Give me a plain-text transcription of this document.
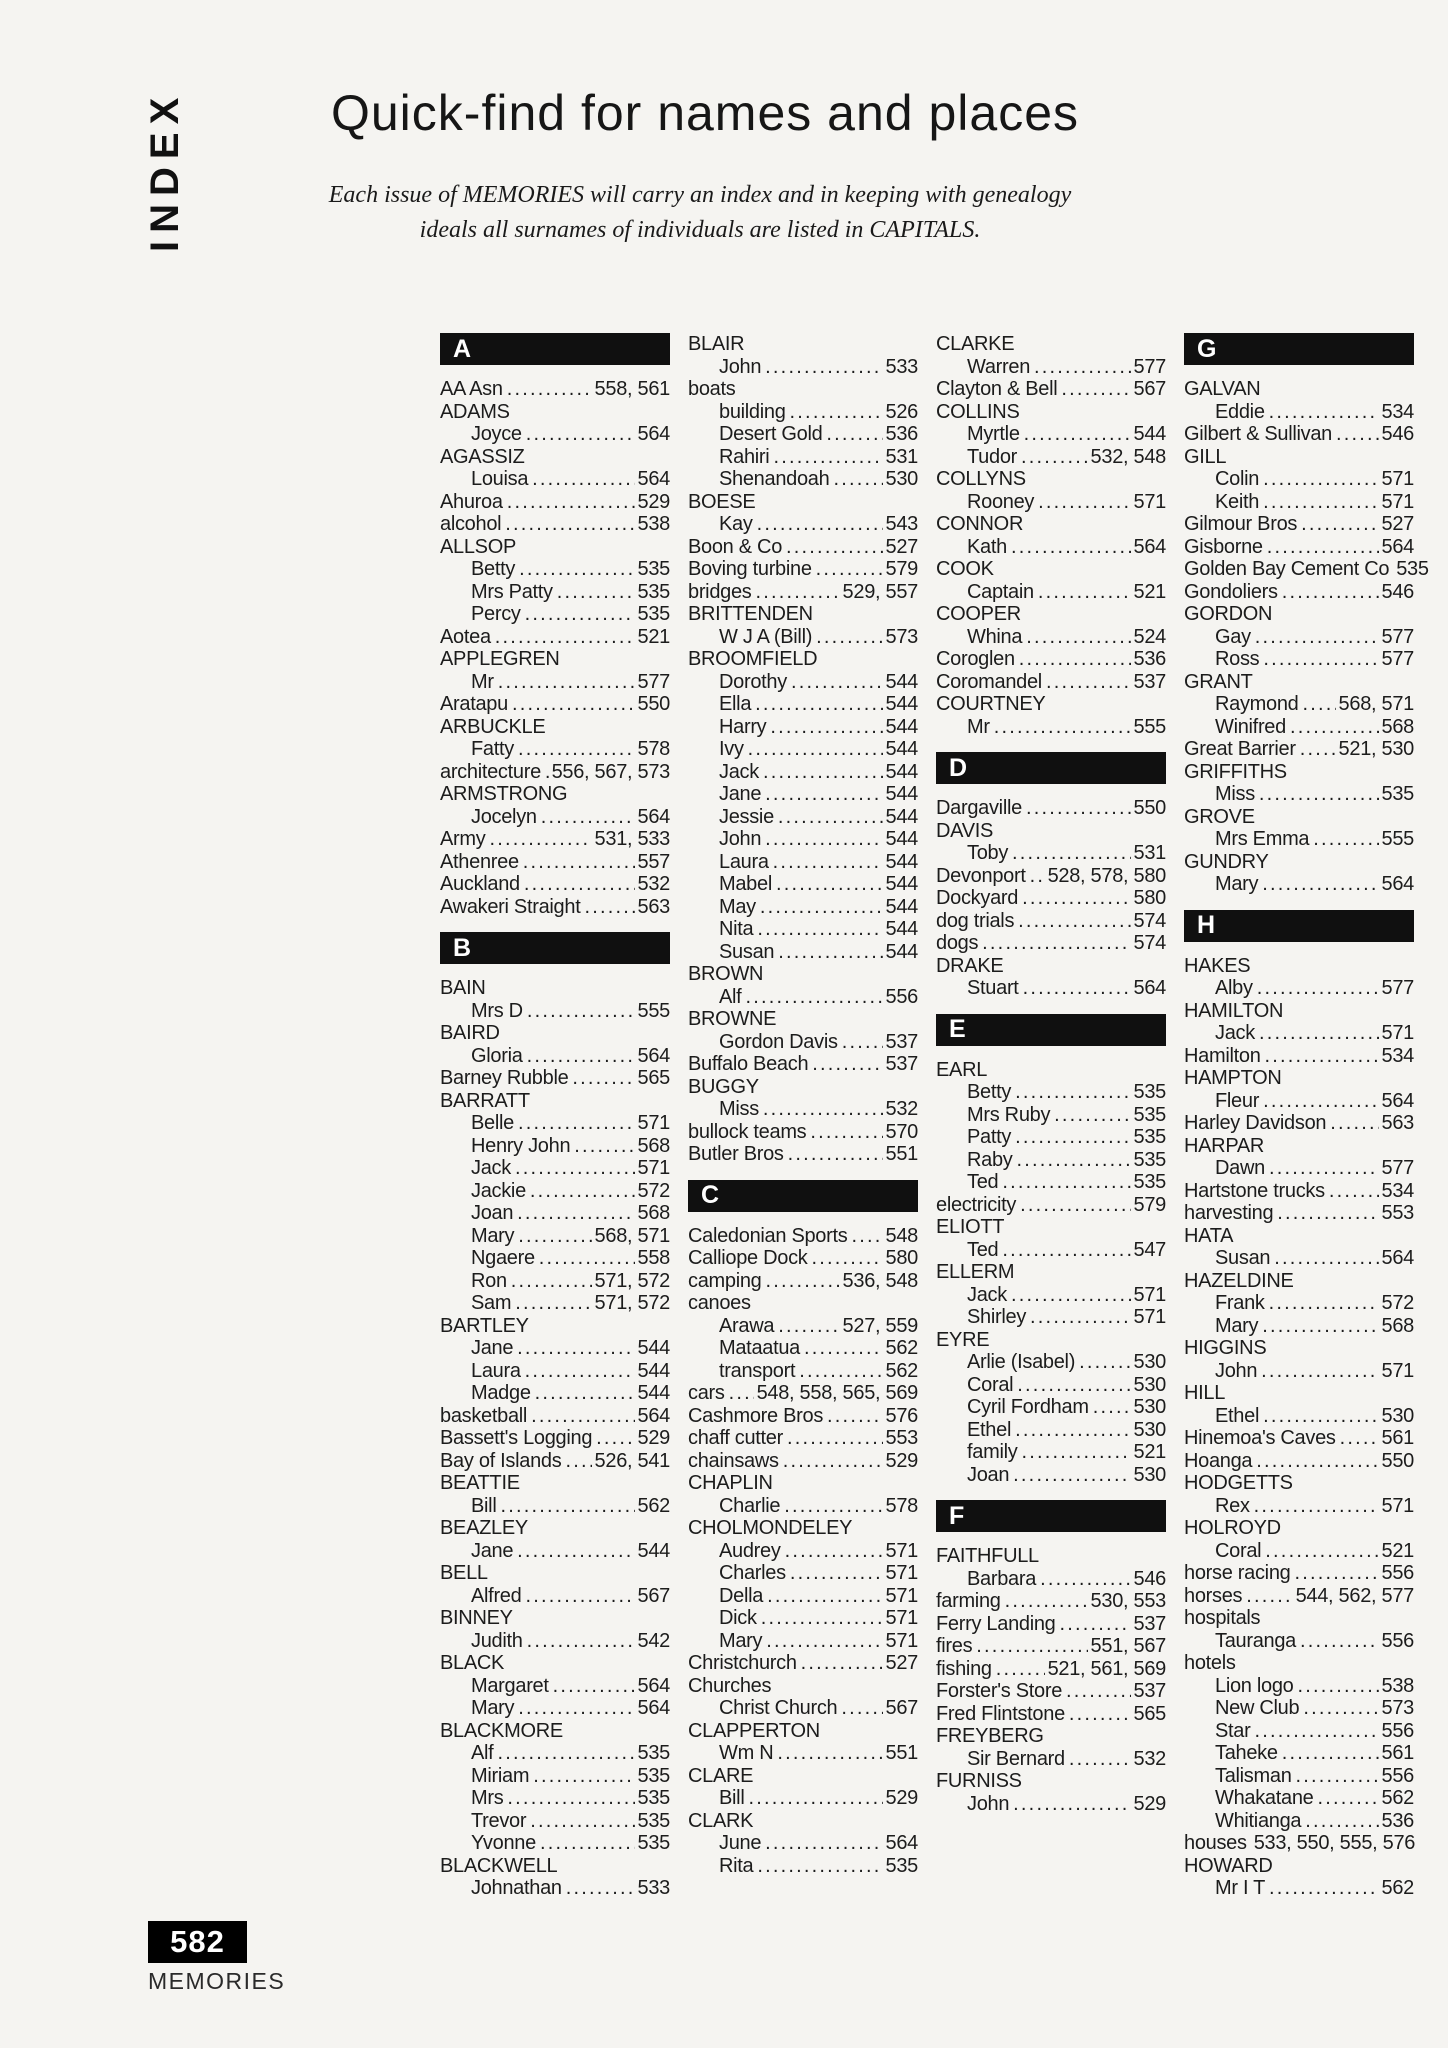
INDEX	Quick-find for names and places
Each issue of MEMORIES will carry an index and in keeping with genealogy
ideals all surnames of individuals are listed in CAPITALS.
A
AA Asn .....	558, 561
ADAMS
Joyce .....	564
AGASSIZ
Louisa .....	564
Ahuroa .....	529
alcohol .....	538
ALLSOP
Betty .....	535
Mrs Patty .....	535
Percy .....	535
Aotea .....	521
APPLEGREN
Mr .....	577
Aratapu .....	550
ARBUCKLE
Fatty .....	578
architecture ..... 556, 567, 573
ARMSTRONG
Jocelyn .....	564
Army .....	531, 533
Athenree .....	557
Auckland .....	532
Awakeri Straight .....	563
B
BAIN
Mrs D .....	555
BAIRD
Gloria .....	564
Barney Rubble .....	565
BARRATT
Belle .....	571
Henry John .....	568
Jack .....	571
Jackie .....	572
Joan .....	568
Mary .....	568, 571
Ngaere .....	558
Ron .....	571, 572
Sam .....	571, 572
BARTLEY
Jane .....	544
Laura .....	544
Madge .....	544
basketball .....	564
Bassett's Logging ..... 529
Bay of Islands ..... 526, 541
BEATTIE
Bill .....	562
BEAZLEY
Jane .....	544
BELL
Alfred .....	567
BINNEY
Judith .....	542
BLACK
Margaret .....	564
Mary .....	564
BLACKMORE
Alf .....	535
Miriam .....	535
Mrs .....	535
Trevor .....	535
Yvonne .....	535
BLACKWELL
Johnathan .....	533
BLAIR
John .....	533
boats
building .....	526
Desert Gold .....	536
Rahiri .....	531
Shenandoah .....	530
BOESE
Kay .....	543
Boon & Co .....	527
Boving turbine .....	579
bridges .....	529, 557
BRITTENDEN
W J A (Bill) .....	573
BROOMFIELD
Dorothy .....	544
Ella .....	544
Harry .....	544
Ivy .....	544
Jack .....	544
Jane .....	544
Jessie .....	544
John .....	544
Laura .....	544
Mabel .....	544
May .....	544
Nita .....	544
Susan .....	544
BROWN
Alf .....	556
BROWNE
Gordon Davis ..... 537
Buffalo Beach .....	537
BUGGY
Miss .....	532
bullock teams .....	570
Butler Bros .....	551
C
Caledonian Sports ..... 548
Calliope Dock .....	580
camping .....	536, 548
canoes
Arawa .....	527, 559
Mataatua .....	562
transport .....	562
cars ..... 548, 558, 565, 569
Cashmore Bros .....	576
chaff cutter .....	553
chainsaws .....	529
CHAPLIN
Charlie .....	578
CHOLMONDELEY
Audrey .....	571
Charles .....	571
Della .....	571
Dick .....	571
Mary .....	571
Christchurch .....	527
Churches
Christ Church ..... 567
CLAPPERTON
Wm N .....	551
CLARE
Bill .....	529
CLARK
June .....	564
Rita .....	535
CLARKE
Warren .....	577
Clayton & Bell .....	567
COLLINS
Myrtle .....	544
Tudor .....	532, 548
COLLYNS
Rooney .....	571
CONNOR
Kath .....	564
COOK
Captain .....	521
COOPER
Whina .....	524
Coroglen .....	536
Coromandel .....	537
COURTNEY
Mr .....	555
D
Dargaville .....	550
DAVIS
Toby .....	531
Devonport ..... 528, 578, 580
Dockyard .....	580
dog trials .....	574
dogs .....	574
DRAKE
Stuart .....	564
E
EARL
Betty .....	535
Mrs Ruby .....	535
Patty .....	535
Raby .....	535
Ted .....	535
electricity .....	579
ELIOTT
Ted .....	547
ELLERM
Jack .....	571
Shirley .....	571
EYRE
Arlie (Isabel) .....	530
Coral .....	530
Cyril Fordham ..... 530
Ethel .....	530
family .....	521
Joan .....	530
F
FAITHFULL
Barbara .....	546
farming .....	530, 553
Ferry Landing .....	537
fires .....	551, 567
fishing .....	521, 561, 569
Forster's Store .....	537
Fred Flintstone .....	565
FREYBERG
Sir Bernard .....	532
FURNISS
John .....	529
G
GALVAN
Eddie .....	534
Gilbert & Sullivan ..... 546
GILL
Colin .....	571
Keith .....	571
Gilmour Bros .....	527
Gisborne .....	564
Golden Bay Cement Co 535
Gondoliers .....	546
GORDON
Gay .....	577
Ross .....	577
GRANT
Raymond ..... 568, 571
Winifred .....	568
Great Barrier ..... 521, 530
GRIFFITHS
Miss .....	535
GROVE
Mrs Emma .....	555
GUNDRY
Mary .....	564
H
HAKES
Alby .....	577
HAMILTON
Jack .....	571
Hamilton .....	534
HAMPTON
Fleur .....	564
Harley Davidson .....	563
HARPAR
Dawn .....	577
Hartstone trucks .....	534
harvesting .....	553
HATA
Susan .....	564
HAZELDINE
Frank .....	572
Mary .....	568
HIGGINS
John .....	571
HILL
Ethel .....	530
Hinemoa's Caves ..... 561
Hoanga .....	550
HODGETTS
Rex .....	571
HOLROYD
Coral .....	521
horse racing .....	556
horses .....	544, 562, 577
hospitals
Tauranga .....	556
hotels
Lion logo .....	538
New Club .....	573
Star .....	556
Taheke .....	561
Talisman .....	556
Whakatane .....	562
Whitianga .....	536
houses 533, 550, 555, 576
HOWARD
Mr I T .....	562
582
MEMORIES
